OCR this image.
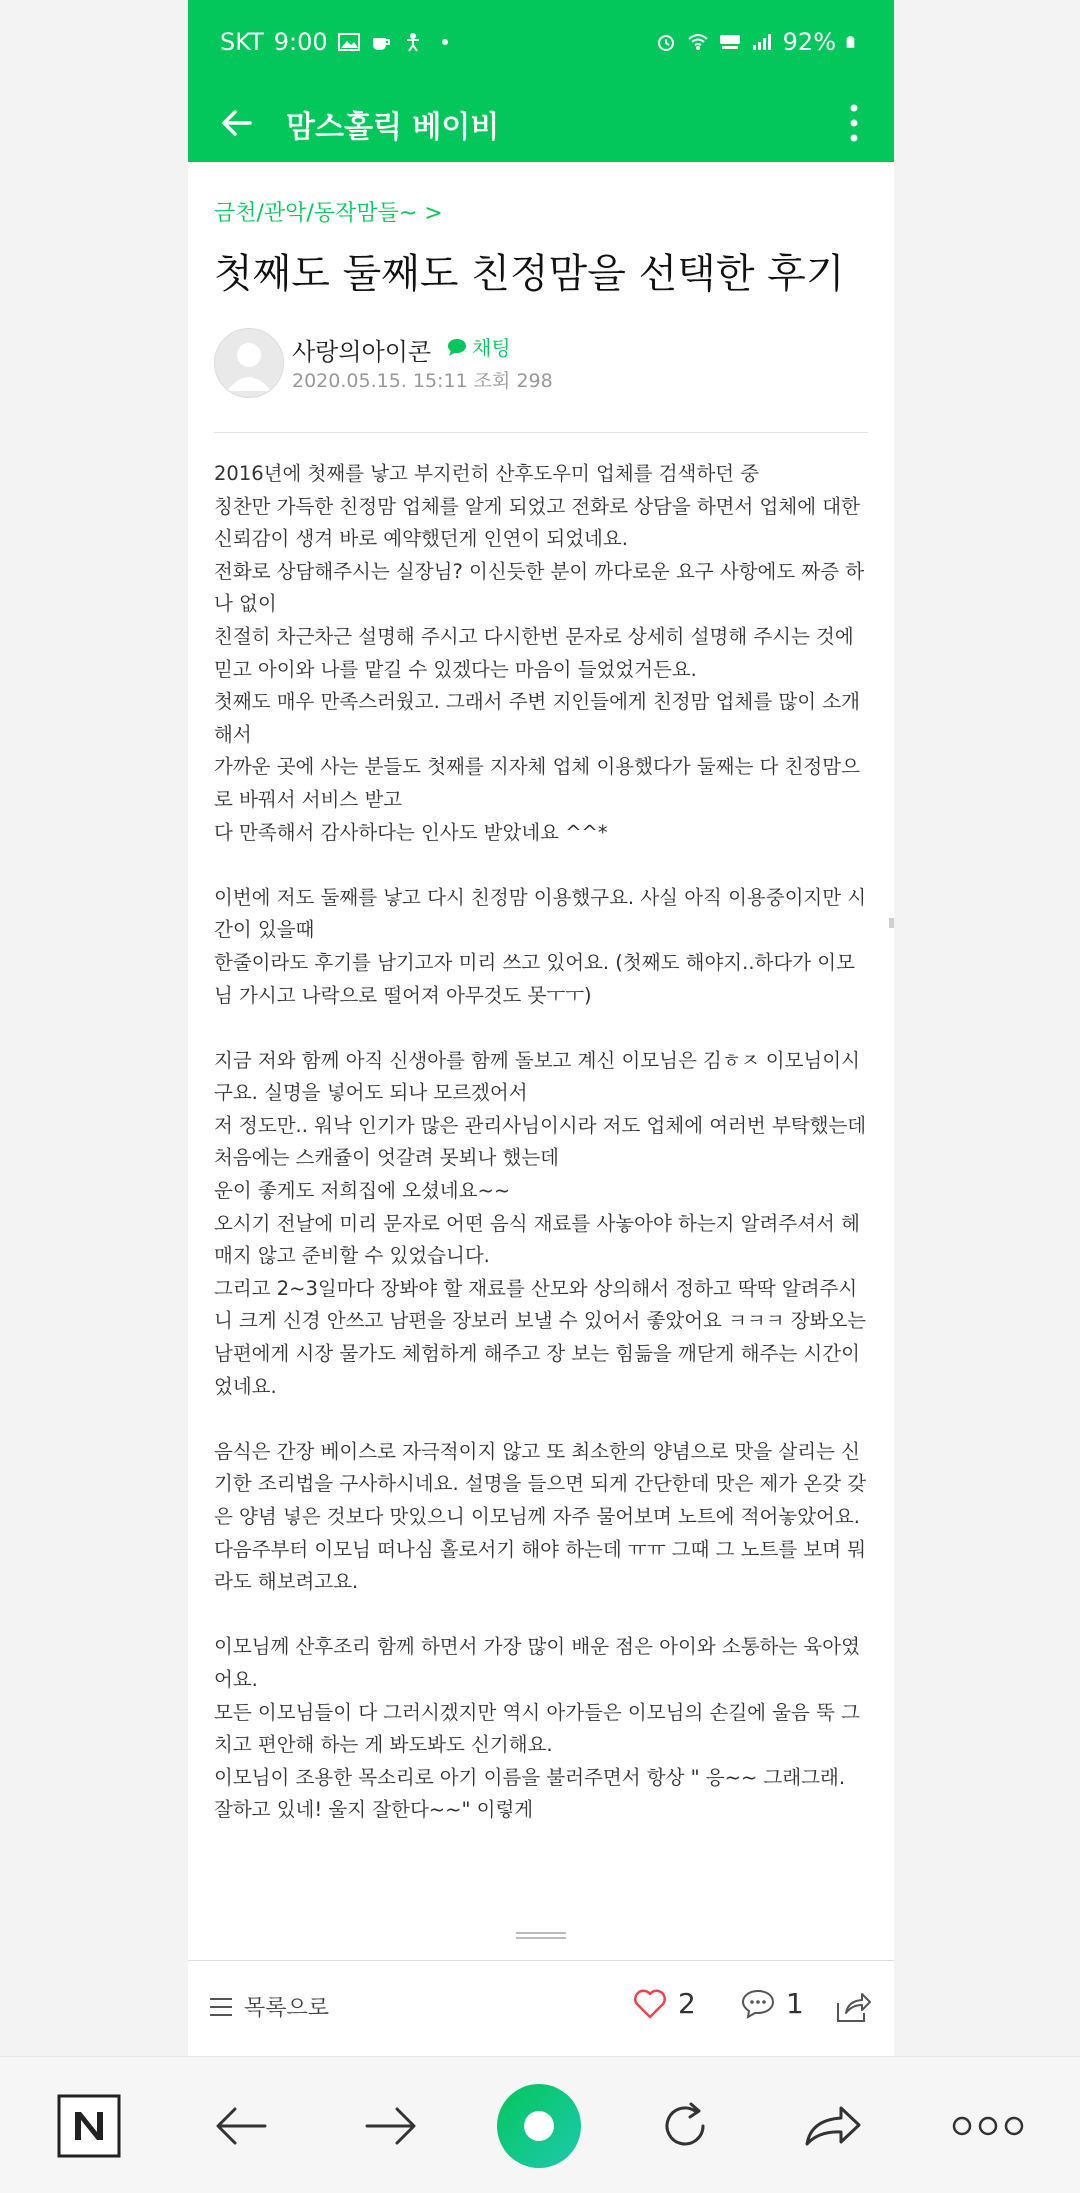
SKT 9:00	92%
맘스홀릭 베이비
금천/관악/동작맘들~ >
첫째도 둘째도 친정맘을 선택한 후기
사랑의아이콘 채팅
2020.05.15. 15:11 조회 298

2016년에 첫째를 낳고 부지런히 산후도우미 업체를 검색하던 중

칭찬만 가득한 친정맘 업체를 알게 되었고 전화로 상담을 하면서 업체에 대한

신뢰감이 생겨 바로 예약했던게 인연이 되었네요.

전화로 상담해주시는 실장님? 이신듯한 분이 까다로운 요구 사항에도 짜증 하나 없이

친절히 차근차근 설명해 주시고 다시한번 문자로 상세히 설명해 주시는 것에

믿고 아이와 나를 맡길 수 있겠다는 마음이 들었었거든요.

첫째도 매우 만족스러웠고. 그래서 주변 지인들에게 친정맘 업체를 많이 소개해서

가까운 곳에 사는 분들도 첫째를 지자체 업체 이용했다가 둘째는 다 친정맘으로 바꿔서 서비스 받고

다 만족해서 감사하다는 인사도 받았네요 ^^*

이번에 저도 둘째를 낳고 다시 친정맘 이용했구요. 사실 아직 이용중이지만 시간이 있을때

한줄이라도 후기를 남기고자 미리 쓰고 있어요. (첫째도 해야지..하다가 이모님 가시고 나락으로 떨어져 아무것도 못ㅜㅜ)

지금 저와 함께 아직 신생아를 함께 돌보고 계신 이모님은 김ㅎㅈ 이모님이시구요. 실명을 넣어도 되나 모르겠어서

저 정도만.. 워낙 인기가 많은 관리사님이시라 저도 업체에 여러번 부탁했는데 처음에는 스캐쥴이 엇갈려 못뵈나 했는데

운이 좋게도 저희집에 오셨네요~~

오시기 전날에 미리 문자로 어떤 음식 재료를 사놓아야 하는지 알려주셔서 헤매지 않고 준비할 수 있었습니다.

그리고 2~3일마다 장봐야 할 재료를 산모와 상의해서 정하고 딱딱 알려주시니 크게 신경 안쓰고 남편을 장보러 보낼 수 있어서 좋았어요 ㅋㅋㅋ 장봐오는 남편에게 시장 물가도 체험하게 해주고 장 보는 힘듦을 깨닫게 해주는 시간이었네요.

음식은 간장 베이스로 자극적이지 않고 또 최소한의 양념으로 맛을 살리는 신기한 조리법을 구사하시네요. 설명을 들으면 되게 간단한데 맛은 제가 온갖 갖은 양념 넣은 것보다 맛있으니 이모님께 자주 물어보며 노트에 적어놓았어요.

다음주부터 이모님 떠나심 홀로서기 해야 하는데 ㅠㅠ 그때 그 노트를 보며 뭐라도 해보려고요.

이모님께 산후조리 함께 하면서 가장 많이 배운 점은 아이와 소통하는 육아였어요.

모든 이모님들이 다 그러시겠지만 역시 아가들은 이모님의 손길에 울음 뚝 그치고 편안해 하는 게 봐도봐도 신기해요.

이모님이 조용한 목소리로 아기 이름을 불러주면서 항상 " 응~~ 그래그래. 잘하고 있네! 울지 잘한다~~" 이렇게

목록으로	2	1
